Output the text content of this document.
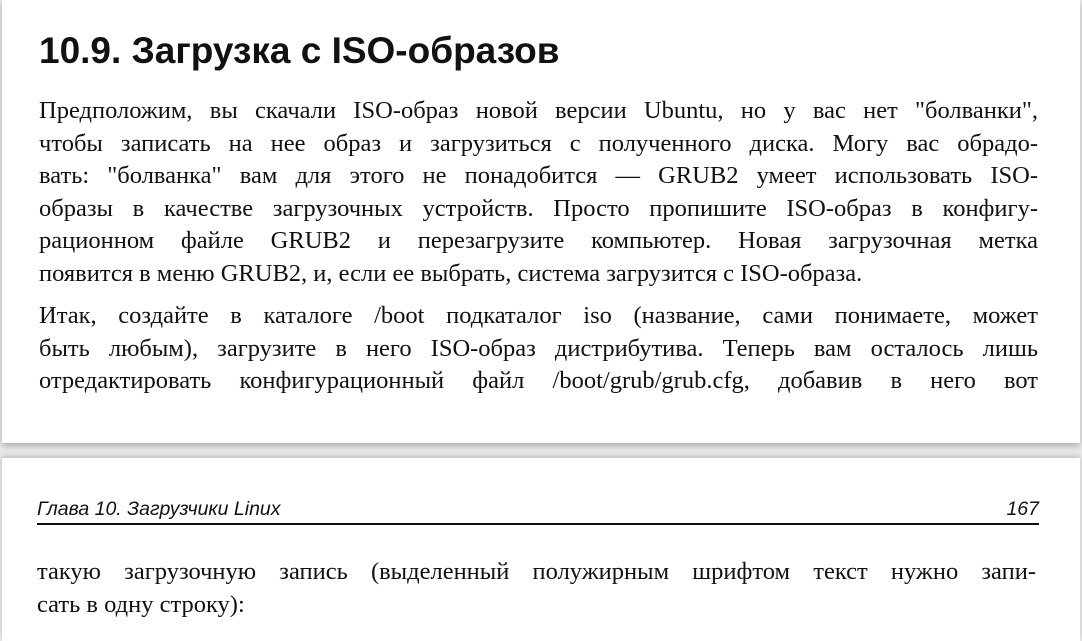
10.9. Загрузка с ISO-образов
Предположим, вы скачали ISO-образ новой версии Ubuntu, но у вас нет "болванки",
чтобы записать на нее образ и загрузиться с полученного диска. Могу вас обрадо-
вать: "болванка" вам для этого не понадобится — GRUB2 умеет использовать ISO-
образы в качестве загрузочных устройств. Просто пропишите ISO-образ в конфигу-
рационном файле GRUB2 и перезагрузите компьютер. Новая загрузочная метка
появится в меню GRUB2, и, если ее выбрать, система загрузится с ISO-образа.
Итак, создайте в каталоге /boot подкаталог iso (название, сами понимаете, может
быть любым), загрузите в него ISO-образ дистрибутива. Теперь вам осталось лишь
отредактировать конфигурационный файл /boot/grub/grub.cfg, добавив в него вот
Глава 10. Загрузчики Linux	167
такую загрузочную запись (выделенный полужирным шрифтом текст нужно запи-
сать в одну строку):
